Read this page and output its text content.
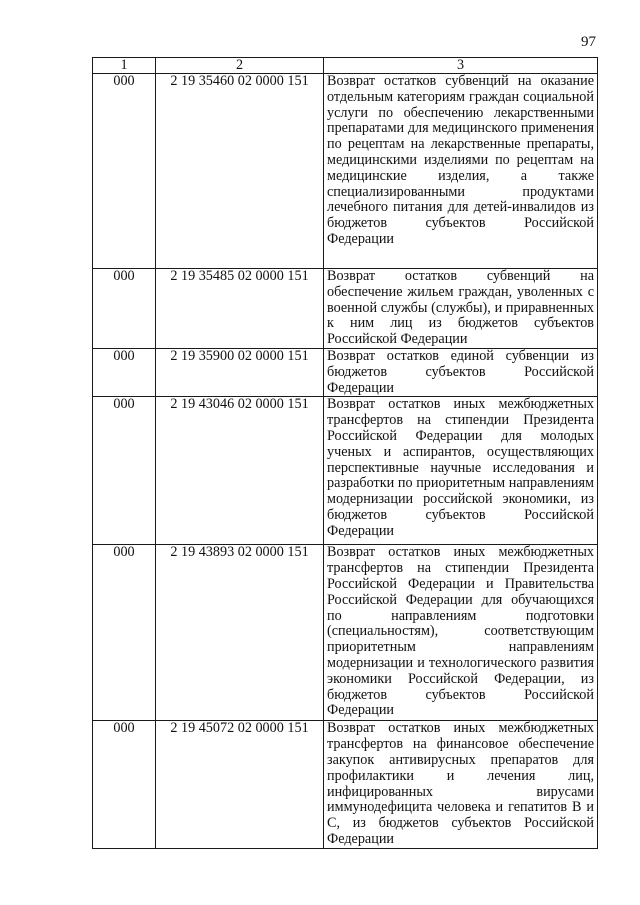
97
1	2	3
000	2 19 35460 02 0000 151	Возврат остатков субвенций на оказание отдельным категориям граждан социальной услуги по обеспечению лекарственными препаратами для медицинского применения по рецептам на лекарственные препараты, медицинскими изделиями по рецептам на медицинские изделия, а также специализированными продуктами лечебного питания для детей-инвалидов из бюджетов субъектов Российской Федерации
000	2 19 35485 02 0000 151	Возврат остатков субвенций на обеспечение жильем граждан, уволенных с военной службы (службы), и приравненных к ним лиц из бюджетов субъектов Российской Федерации
000	2 19 35900 02 0000 151	Возврат остатков единой субвенции из бюджетов субъектов Российской Федерации
000	2 19 43046 02 0000 151	Возврат остатков иных межбюджетных трансфертов на стипендии Президента Российской Федерации для молодых ученых и аспирантов, осуществляющих перспективные научные исследования и разработки по приоритетным направлениям модернизации российской экономики, из бюджетов субъектов Российской Федерации
000	2 19 43893 02 0000 151	Возврат остатков иных межбюджетных трансфертов на стипендии Президента Российской Федерации и Правительства Российской Федерации для обучающихся по направлениям подготовки (специальностям), соответствующим приоритетным направлениям модернизации и технологического развития экономики Российской Федерации, из бюджетов субъектов Российской Федерации
000	2 19 45072 02 0000 151	Возврат остатков иных межбюджетных трансфертов на финансовое обеспечение закупок антивирусных препаратов для профилактики и лечения лиц, инфицированных вирусами иммунодефицита человека и гепатитов B и C, из бюджетов субъектов Российской Федерации
